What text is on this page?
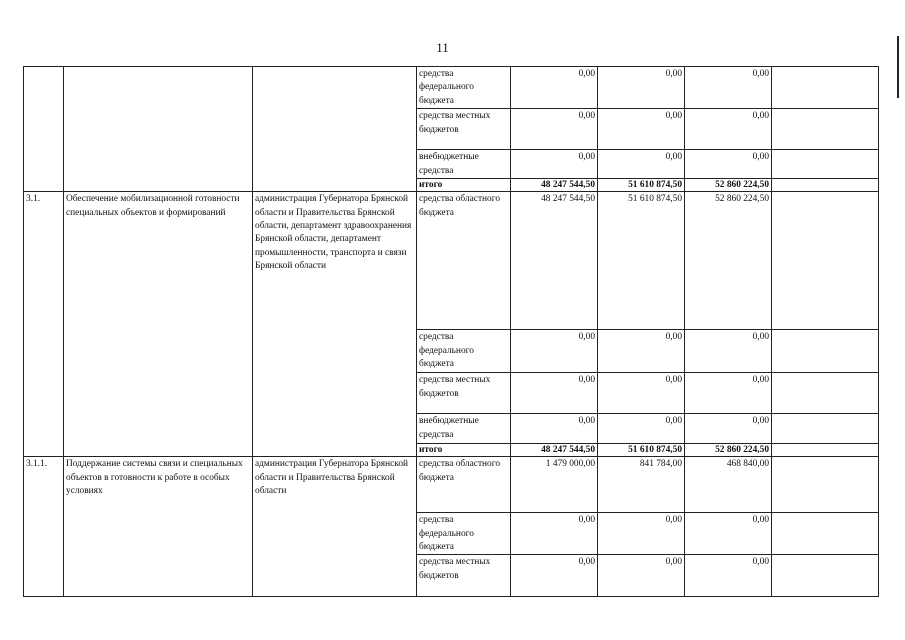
11
			средства федерального бюджета	0,00	0,00	0,00	
			средства местных бюджетов	0,00	0,00	0,00	
			внебюджетные средства	0,00	0,00	0,00	
			итого	48 247 544,50	51 610 874,50	52 860 224,50	
3.1.	Обеспечение мобилизационной готовности специальных объектов и формирований	администрация Губернатора Брянской области и Правительства Брянской области, департамент здравоохранения Брянской области, департамент промышленности, транспорта и связи Брянской области	средства областного бюджета	48 247 544,50	51 610 874,50	52 860 224,50	
			средства федерального бюджета	0,00	0,00	0,00	
			средства местных бюджетов	0,00	0,00	0,00	
			внебюджетные средства	0,00	0,00	0,00	
			итого	48 247 544,50	51 610 874,50	52 860 224,50	
3.1.1.	Поддержание системы связи и специальных объектов в готовности к работе в особых условиях	администрация Губернатора Брянской области и Правительства Брянской области	средства областного бюджета	1 479 000,00	841 784,00	468 840,00	
			средства федерального бюджета	0,00	0,00	0,00	
			средства местных бюджетов	0,00	0,00	0,00	
